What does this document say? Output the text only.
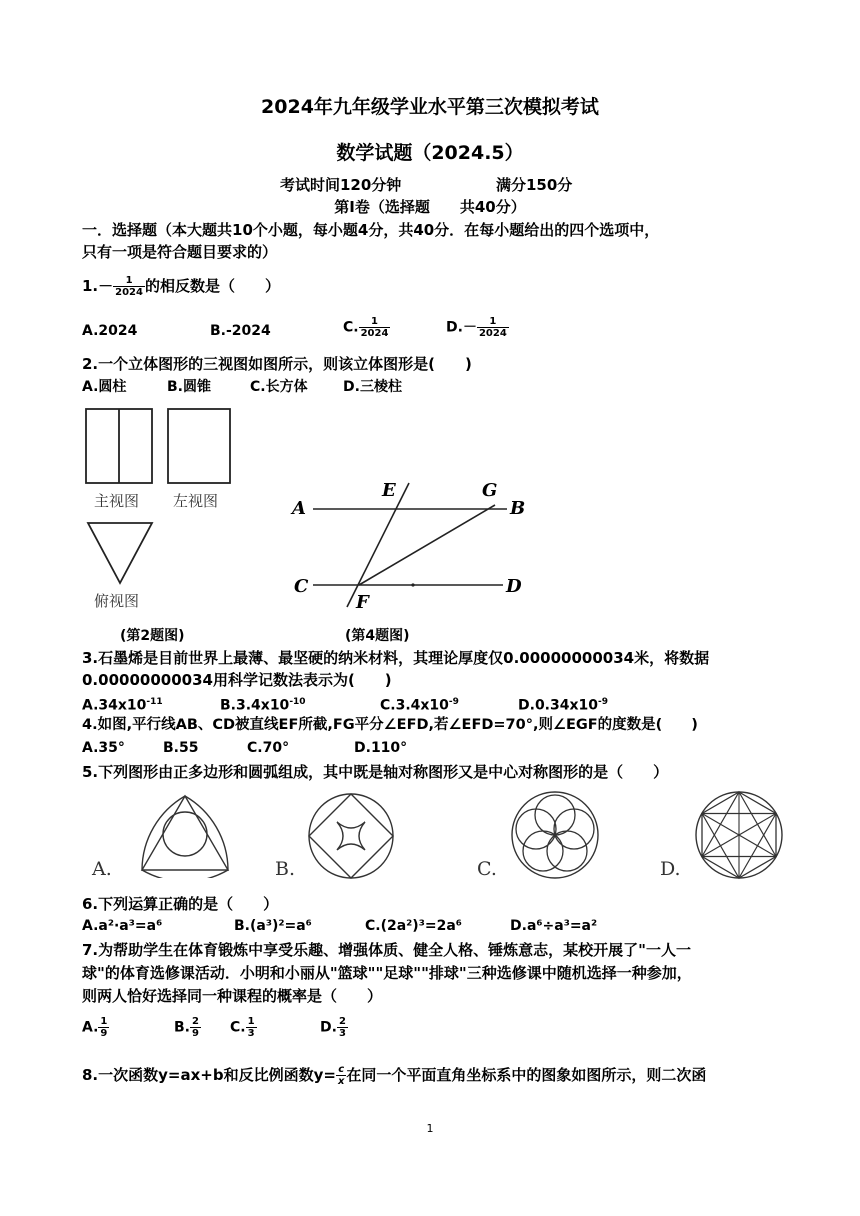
2024年九年级学业水平第三次模拟考试
数学试题（2024.5）
考试时间120分钟	满分150分
第Ⅰ卷（选择题　　共40分）
一．选择题（本大题共10个小题，每小题4分，共40分．在每小题给出的四个选项中，
只有一项是符合题目要求的）
$1.- \frac{1}{2024}$ 的相反数是（　　）
A.2024	B.-2024	C. $\frac{1}{2024}$	$D.- \frac{1}{2024}$
2.一个立体图形的三视图如图所示，则该立体图形是(　　)
A.圆柱	B.圆锥	C.长方体	D.三棱柱
主视图 左视图
俯视图
A
E	G
B
C	D
F
(第2题图)	(第4题图)
3.石墨烯是目前世界上最薄、最坚硬的纳米材料，其理论厚度仅0.00000000034米，将数据
0.00000000034用科学记数法表示为(　　)
$A.34x10^{-11}$	$B.3.4x10^{-10}$	$C.3.4x10^{-9}$	$D.0.34x10^{-9}$
4.如图,平行线AB、CD被直线EF所截,FG平分∠EFD,若∠EFD=70°,则∠EGF的度数是(　　)
A.35°	B.55	C.70°	D.110°
5.下列图形由正多边形和圆弧组成，其中既是轴对称图形又是中心对称图形的是（　　）
A.	B.	C.	D.
6.下列运算正确的是（　　）
A.a²·a³=a⁶	B.(a³)²=a⁶	C.(2a²)³=2a⁶	D.a⁶÷a³=a²
7.为帮助学生在体育锻炼中享受乐趣、增强体质、健全人格、锤炼意志，某校开展了"一人一
球"的体育选修课活动．小明和小丽从"篮球""足球""排球"三种选修课中随机选择一种参加，
则两人恰好选择同一种课程的概率是（　　）
A. $\frac{1}{9}$	B. $\frac{2}{9} C$. $\frac{1}{3}$	D. $\frac{2}{3}$
8.一次函数y=ax+b和反比例函数$y= \frac{c}{x}$ 在同一个平面直角坐标系中的图象如图所示，则二次函
1
